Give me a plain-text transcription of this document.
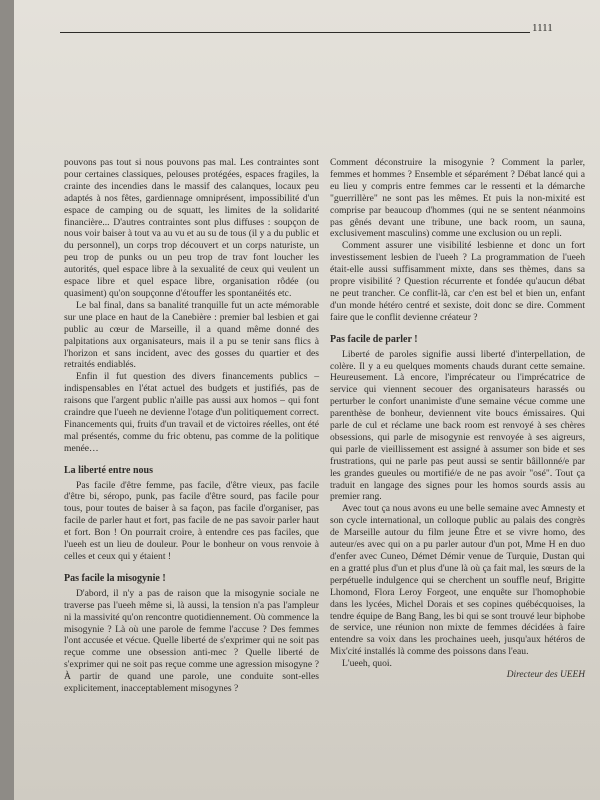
1111

pouvons pas tout si nous pouvons pas mal. Les contraintes sont pour certaines classiques, pelouses protégées, espaces fragiles, la crainte des incendies dans le massif des calanques, locaux peu adaptés à nos fêtes, gardiennage omniprésent, impossibilité d'un espace de camping ou de squatt, les limites de la solidarité financière... D'autres contraintes sont plus diffuses : soupçon de nous voir baiser à tout va au vu et au su de tous (il y a du public et du personnel), un corps trop découvert et un corps naturiste, un peu trop de punks ou un peu trop de trav font loucher les autorités, quel espace libre à la sexualité de ceux qui veulent un espace libre et quel espace libre, organisation rôdée (ou quasiment) qu'on soupçonne d'étouffer les spontanéités etc.

Le bal final, dans sa banalité tranquille fut un acte mémorable sur une place en haut de la Canebière : premier bal lesbien et gai public au cœur de Marseille, il a quand même donné des palpitations aux organisateurs, mais il a pu se tenir sans flics à l'horizon et sans incident, avec des gosses du quartier et des retraités endiablés.

Enfin il fut question des divers financements publics – indispensables en l'état actuel des budgets et justifiés, pas de raisons que l'argent public n'aille pas aussi aux homos – qui font craindre que l'ueeh ne devienne l'otage d'un politiquement correct. Financements qui, fruits d'un travail et de victoires réelles, ont été mal présentés, comme du fric obtenu, pas comme de la politique menée…

La liberté entre nous

Pas facile d'être femme, pas facile, d'être vieux, pas facile d'être bi, séropo, punk, pas facile d'être sourd, pas facile pour tous, pour toutes de baiser à sa façon, pas facile d'organiser, pas facile de parler haut et fort, pas facile de ne pas savoir parler haut et fort. Bon ! On pourrait croire, à entendre ces pas faciles, que l'ueeh est un lieu de douleur. Pour le bonheur on vous renvoie à celles et ceux qui y étaient !

Pas facile la misogynie !

D'abord, il n'y a pas de raison que la misogynie sociale ne traverse pas l'ueeh même si, là aussi, la tension n'a pas l'ampleur ni la massivité qu'on rencontre quotidiennement. Où commence la misogynie ? Là où une parole de femme l'accuse ? Des femmes l'ont accusée et vécue. Quelle liberté de s'exprimer qui ne soit pas reçue comme une obsession anti-mec ? Quelle liberté de s'exprimer qui ne soit pas reçue comme une agression misogyne ? À partir de quand une parole, une conduite sont-elles explicitement, inacceptablement misogynes ?

Comment déconstruire la misogynie ? Comment la parler, femmes et hommes ? Ensemble et séparément ? Débat lancé qui a eu lieu y compris entre femmes car le ressenti et la démarche "guerrillère" ne sont pas les mêmes. Et puis la non-mixité est comprise par beaucoup d'hommes (qui ne se sentent néanmoins pas gênés devant une tribune, une back room, un sauna, exclusivement masculins) comme une exclusion ou un repli.

Comment assurer une visibilité lesbienne et donc un fort investissement lesbien de l'ueeh ? La programmation de l'ueeh était-elle aussi suffisamment mixte, dans ses thèmes, dans sa propre visibilité ? Question récurrente et fondée qu'aucun débat ne peut trancher. Ce conflit-là, car c'en est bel et bien un, enfant d'un monde hétéro centré et sexiste, doit donc se dire. Comment faire que le conflit devienne créateur ?

Pas facile de parler !

Liberté de paroles signifie aussi liberté d'interpellation, de colère. Il y a eu quelques moments chauds durant cette semaine. Heureusement. Là encore, l'imprécateur ou l'imprécatrice de service qui viennent secouer des organisateurs harassés ou perturber le confort unanimiste d'une semaine vécue comme une parenthèse de bonheur, deviennent vite boucs émissaires. Qui parle de cul et réclame une back room est renvoyé à ses chères obsessions, qui parle de misogynie est renvoyée à ses aigreurs, qui parle de vieillissement est assigné à assumer son bide et ses frustrations, qui ne parle pas peut aussi se sentir bâillonné/e par les grandes gueules ou mortifié/e de ne pas avoir "osé". Tout ça traduit en langage des signes pour les homos sourds assis au premier rang.

Avec tout ça nous avons eu une belle semaine avec Amnesty et son cycle international, un colloque public au palais des congrès de Marseille autour du film jeune Être et se vivre homo, des auteur/es avec qui on a pu parler autour d'un pot, Mme H en duo d'enfer avec Cuneo, Démet Démir venue de Turquie, Dustan qui en a gratté plus d'un et plus d'une là où ça fait mal, les sœurs de la perpétuelle indulgence qui se cherchent un souffle neuf, Brigitte Lhomond, Flora Leroy Forgeot, une enquête sur l'homophobie dans les lycées, Michel Dorais et ses copines québécquoises, la tendre équipe de Bang Bang, les bi qui se sont trouvé leur biphobe de service, une réunion non mixte de femmes décidées à faire entendre sa voix dans les prochaines ueeh, jusqu'aux hétéros de Mix'cité installés là comme des poissons dans l'eau.

L'ueeh, quoi.

Directeur des UEEH
